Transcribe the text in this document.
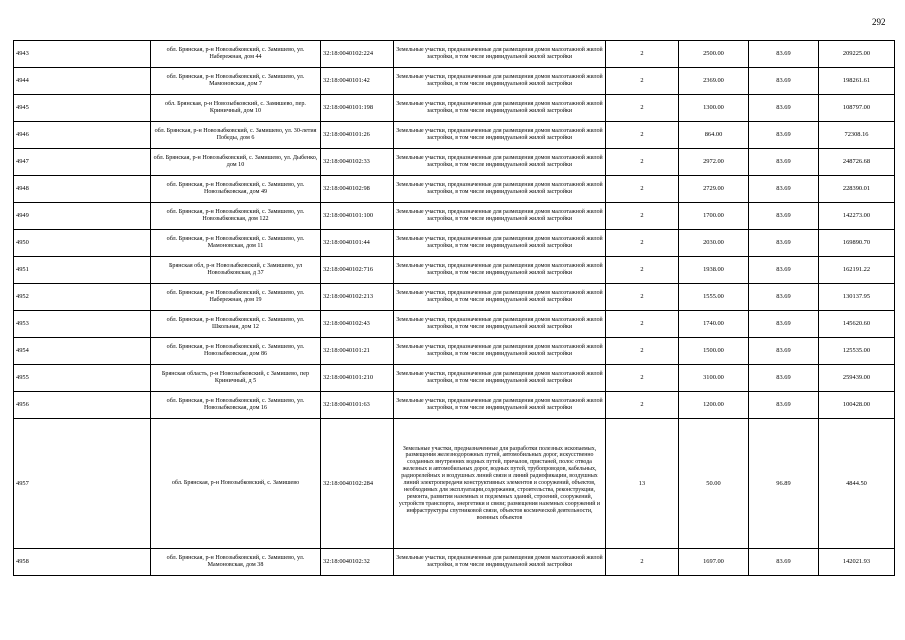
292
4943	обл. Брянская, р-н Новозыбковский, с. Замишево, ул. Набережная, дом 44	32:18:0040102:224	Земельные участки, предназначенные для размещения домов малоэтажной жилой застройки, в том числе индивидуальной жилой застройки	2	2500.00	83.69	209225.00
4944	обл. Брянская, р-н Новозыбковский, с. Замишево, ул. Мамоновская, дом 7	32:18:0040101:42	Земельные участки, предназначенные для размещения домов малоэтажной жилой застройки, в том числе индивидуальной жилой застройки	2	2369.00	83.69	198261.61
4945	обл. Брянская, р-н Новозыбковский, с. Замишево, пер. Криничный, дом 10	32:18:0040101:198	Земельные участки, предназначенные для размещения домов малоэтажной жилой застройки, в том числе индивидуальной жилой застройки	2	1300.00	83.69	108797.00
4946	обл. Брянская, р-н Новозыбковский, с. Замишево, ул. 30-летия Победы, дом 6	32:18:0040101:26	Земельные участки, предназначенные для размещения домов малоэтажной жилой застройки, в том числе индивидуальной жилой застройки	2	864.00	83.69	72308.16
4947	обл. Брянская, р-н Новозыбковский, с. Замишево, ул. Дыбенко, дом 10	32:18:0040102:33	Земельные участки, предназначенные для размещения домов малоэтажной жилой застройки, в том числе индивидуальной жилой застройки	2	2972.00	83.69	248726.68
4948	обл. Брянская, р-н Новозыбковский, с. Замишево, ул. Новозыбковская, дом 49	32:18:0040102:98	Земельные участки, предназначенные для размещения домов малоэтажной жилой застройки, в том числе индивидуальной жилой застройки	2	2729.00	83.69	228390.01
4949	обл. Брянская, р-н Новозыбковский, с. Замишево, ул. Новозыбковская, дом 122	32:18:0040101:100	Земельные участки, предназначенные для размещения домов малоэтажной жилой застройки, в том числе индивидуальной жилой застройки	2	1700.00	83.69	142273.00
4950	обл. Брянская, р-н Новозыбковский, с. Замишево, ул. Мамоновская, дом 11	32:18:0040101:44	Земельные участки, предназначенные для размещения домов малоэтажной жилой застройки, в том числе индивидуальной жилой застройки	2	2030.00	83.69	169890.70
4951	Брянская обл, р-н Новозыбковский, с Замишево, ул Новозыбковская, д 37	32:18:0040102:716	Земельные участки, предназначенные для размещения домов малоэтажной жилой застройки, в том числе индивидуальной жилой застройки	2	1938.00	83.69	162191.22
4952	обл. Брянская, р-н Новозыбковский, с. Замишево, ул. Набережная, дом 19	32:18:0040102:213	Земельные участки, предназначенные для размещения домов малоэтажной жилой застройки, в том числе индивидуальной жилой застройки	2	1555.00	83.69	130137.95
4953	обл. Брянская, р-н Новозыбковский, с. Замишево, ул. Школьная, дом 12	32:18:0040102:43	Земельные участки, предназначенные для размещения домов малоэтажной жилой застройки, в том числе индивидуальной жилой застройки	2	1740.00	83.69	145620.60
4954	обл. Брянская, р-н Новозыбковский, с. Замишево, ул. Новозыбковская, дом 86	32:18:0040101:21	Земельные участки, предназначенные для размещения домов малоэтажной жилой застройки, в том числе индивидуальной жилой застройки	2	1500.00	83.69	125535.00
4955	Брянская область, р-н Новозыбковский, с Замишево, пер Криничный, д 5	32:18:0040101:210	Земельные участки, предназначенные для размещения домов малоэтажной жилой застройки, в том числе индивидуальной жилой застройки	2	3100.00	83.69	259439.00
4956	обл. Брянская, р-н Новозыбковский, с. Замишево, ул. Новозыбковская, дом 16	32:18:0040101:63	Земельные участки, предназначенные для размещения домов малоэтажной жилой застройки, в том числе индивидуальной жилой застройки	2	1200.00	83.69	100428.00
4957	обл. Брянская, р-н Новозыбковский, с. Замишево	32:18:0040102:284	Земельные участки, предназначенные для разработки полезных ископаемых, размещения железнодорожных путей, автомобильных дорог, искусственно созданных внутренних водных путей, причалов, пристаней, полос отвода железных и автомобильных дорог, водных путей, трубопроводов, кабельных, радиорелейных и воздушных линий связи и линий радиофикации, воздушных линий электропередачи конструктивных элементов и сооружений, объектов, необходимых для эксплуатации,содержания, строительства, реконструкции, ремонта, развития наземных и подземных зданий, строений, сооружений, устройств транспорта, энергетики и связи; размещения наземных сооружений и инфраструктуры спутниковой связи, объектов космической деятельности, военных объектов	13	50.00	96.89	4844.50
4958	обл. Брянская, р-н Новозыбковский, с. Замишево, ул. Мамоновская, дом 38	32:18:0040102:32	Земельные участки, предназначенные для размещения домов малоэтажной жилой застройки, в том числе индивидуальной жилой застройки	2	1697.00	83.69	142021.93
